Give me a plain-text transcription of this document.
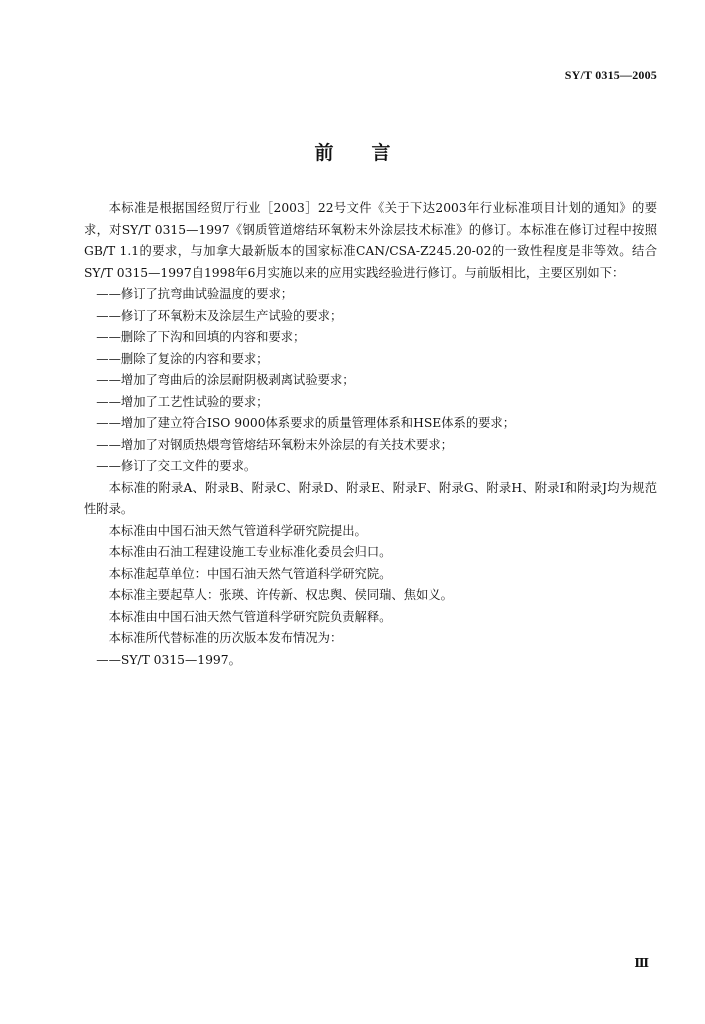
SY/T 0315—2005
前言

本标准是根据国经贸厅行业［2003］22号文件《关于下达2003年行业标准项目计划的通知》的要求，对SY/T 0315—1997《钢质管道熔结环氧粉末外涂层技术标准》的修订。本标准在修订过程中按照GB/T 1.1的要求，与加拿大最新版本的国家标准CAN/CSA-Z245.20-02的一致性程度是非等效。结合SY/T 0315—1997自1998年6月实施以来的应用实践经验进行修订。与前版相比，主要区别如下：

——修订了抗弯曲试验温度的要求；
——修订了环氧粉末及涂层生产试验的要求；
——删除了下沟和回填的内容和要求；
——删除了复涂的内容和要求；
——增加了弯曲后的涂层耐阴极剥离试验要求；
——增加了工艺性试验的要求；
——增加了建立符合ISO 9000体系要求的质量管理体系和HSE体系的要求；
——增加了对钢质热煨弯管熔结环氧粉末外涂层的有关技术要求；
——修订了交工文件的要求。

本标准的附录A、附录B、附录C、附录D、附录E、附录F、附录G、附录H、附录I和附录J均为规范性附录。

本标准由中国石油天然气管道科学研究院提出。

本标准由石油工程建设施工专业标准化委员会归口。

本标准起草单位：中国石油天然气管道科学研究院。

本标准主要起草人：张瑛、许传新、权忠舆、侯同瑞、焦如义。

本标准由中国石油天然气管道科学研究院负责解释。

本标准所代替标准的历次版本发布情况为：

——SY/T 0315—1997。
Ⅲ
